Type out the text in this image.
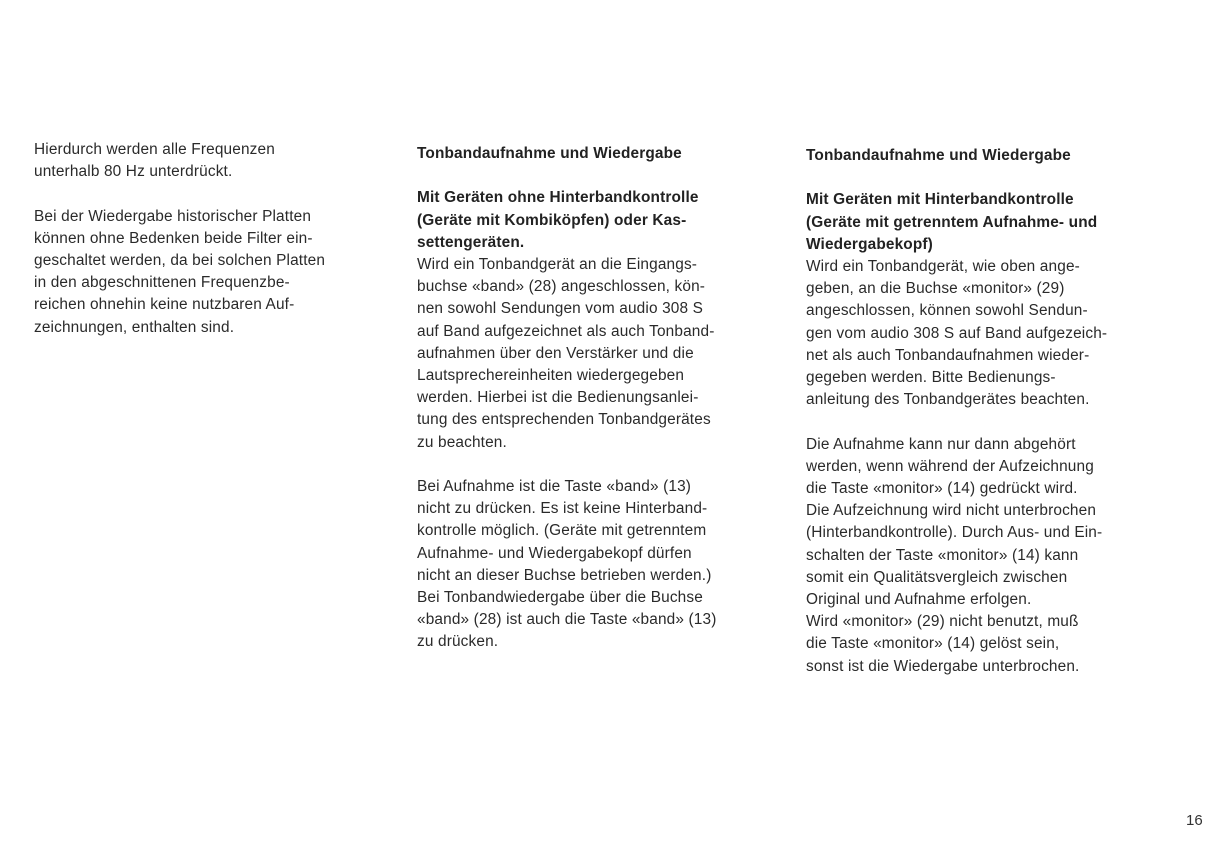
Hierdurch werden alle Frequenzen
unterhalb 80 Hz unterdrückt.

Bei der Wiedergabe historischer Platten
können ohne Bedenken beide Filter ein-
geschaltet werden, da bei solchen Platten
in den abgeschnittenen Frequenzbe-
reichen ohnehin keine nutzbaren Auf-
zeichnungen, enthalten sind.

Tonbandaufnahme und Wiedergabe

Mit Geräten ohne Hinterbandkontrolle
(Geräte mit Kombiköpfen) oder Kas-
settengeräten.

Wird ein Tonbandgerät an die Eingangs-
buchse «band» (28) angeschlossen, kön-
nen sowohl Sendungen vom audio 308 S
auf Band aufgezeichnet als auch Tonband-
aufnahmen über den Verstärker und die
Lautsprechereinheiten wiedergegeben
werden. Hierbei ist die Bedienungsanlei-
tung des entsprechenden Tonbandgerätes
zu beachten.

Bei Aufnahme ist die Taste «band» (13)
nicht zu drücken. Es ist keine Hinterband-
kontrolle möglich. (Geräte mit getrenntem
Aufnahme- und Wiedergabekopf dürfen
nicht an dieser Buchse betrieben werden.)
Bei Tonbandwiedergabe über die Buchse
«band» (28) ist auch die Taste «band» (13)
zu drücken.

Tonbandaufnahme und Wiedergabe

Mit Geräten mit Hinterbandkontrolle
(Geräte mit getrenntem Aufnahme- und
Wiedergabekopf)

Wird ein Tonbandgerät, wie oben ange-
geben, an die Buchse «monitor» (29)
angeschlossen, können sowohl Sendun-
gen vom audio 308 S auf Band aufgezeich-
net als auch Tonbandaufnahmen wieder-
gegeben werden. Bitte Bedienungs-
anleitung des Tonbandgerätes beachten.

Die Aufnahme kann nur dann abgehört
werden, wenn während der Aufzeichnung
die Taste «monitor» (14) gedrückt wird.
Die Aufzeichnung wird nicht unterbrochen
(Hinterbandkontrolle). Durch Aus- und Ein-
schalten der Taste «monitor» (14) kann
somit ein Qualitätsvergleich zwischen
Original und Aufnahme erfolgen.
Wird «monitor» (29) nicht benutzt, muß
die Taste «monitor» (14) gelöst sein,
sonst ist die Wiedergabe unterbrochen.

16
